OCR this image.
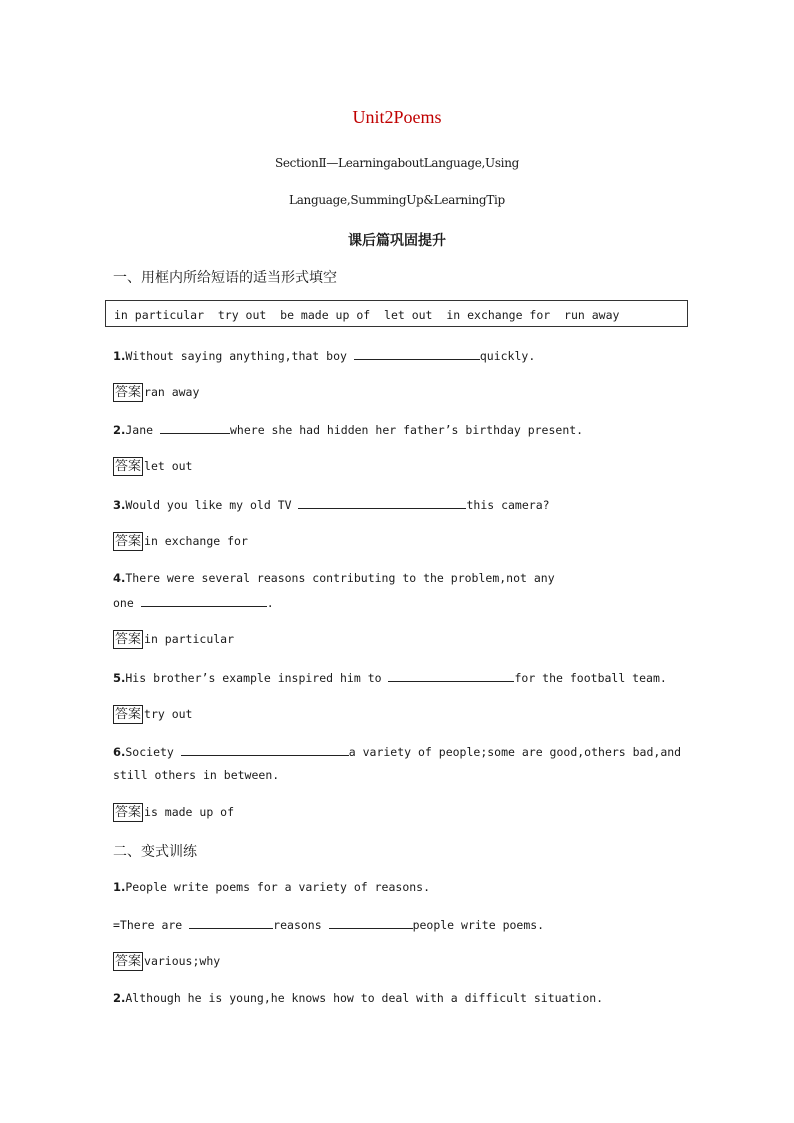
Unit2Poems
SectionⅡ—LearningaboutLanguage,Using
Language,SummingUp&LearningTip
课后篇巩固提升
一、用框内所给短语的适当形式填空
in particular  try out  be made up of  let out  in exchange for  run away
1.Without saying anything,that boy	quickly.
答案 ran away
2.Jane	where she had hidden her father’s birthday present.
答案 let out
3.Would you like my old TV	this camera?
答案 in exchange for
4.There were several reasons contributing to the problem,not any
one	.
答案 in particular
5.His brother’s example inspired him to	for the football team.
答案 try out
6.Society	a variety of people;some are good,others bad,and
still others in between.
答案 is made up of
二、变式训练
1.People write poems for a variety of reasons.
=There are	reasons	people write poems.
答案 various;why
2.Although he is young,he knows how to deal with a difficult situation.
